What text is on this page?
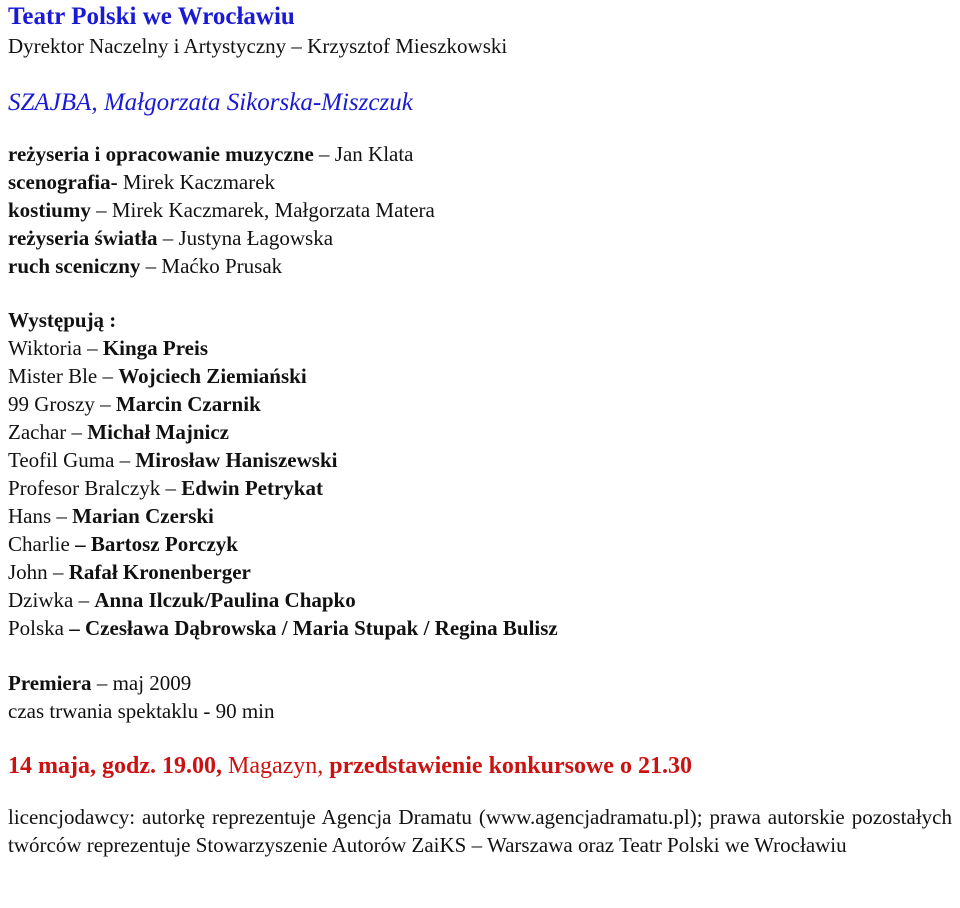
Teatr Polski we Wrocławiu
Dyrektor Naczelny i Artystyczny – Krzysztof Mieszkowski
SZAJBA, Małgorzata Sikorska-Miszczuk
reżyseria i opracowanie muzyczne – Jan Klata
scenografia- Mirek Kaczmarek
kostiumy – Mirek Kaczmarek, Małgorzata Matera
reżyseria światła – Justyna Łagowska
ruch sceniczny – Maćko Prusak
Występują :
Wiktoria – Kinga Preis
Mister Ble – Wojciech Ziemiański
99 Groszy – Marcin Czarnik
Zachar – Michał Majnicz
Teofil Guma – Mirosław Haniszewski
Profesor Bralczyk – Edwin Petrykat
Hans – Marian Czerski
Charlie – Bartosz Porczyk
John – Rafał Kronenberger
Dziwka – Anna Ilczuk/Paulina Chapko
Polska – Czesława Dąbrowska / Maria Stupak / Regina Bulisz
Premiera – maj 2009
czas trwania spektaklu - 90 min
14 maja, godz. 19.00, Magazyn, przedstawienie konkursowe o 21.30
licencjodawcy: autorkę reprezentuje Agencja Dramatu (www.agencjadramatu.pl); prawa autorskie pozostałych twórców reprezentuje Stowarzyszenie Autorów ZaiKS – Warszawa oraz Teatr Polski we Wrocławiu
